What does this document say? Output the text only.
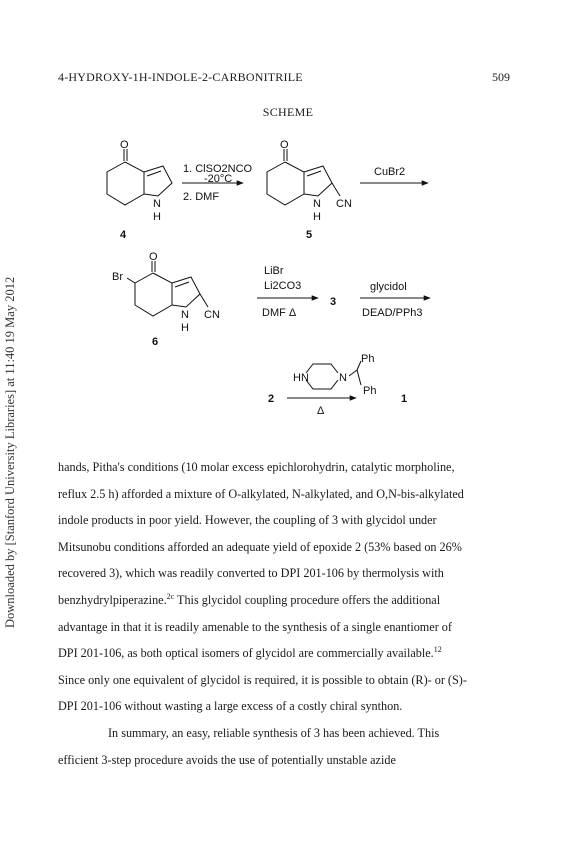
4-HYDROXY-1H-INDOLE-2-CARBONITRILE	509
SCHEME
Downloaded by [Stanford University Libraries] at 11:40 19 May 2012
O
N
H
4
1. ClSO2NCO
-20°C
2. DMF
O
N
H
CN
5
CuBr2
O
Br
N
H
CN
6
LiBr
Li2CO3
DMF Δ
3
glycidol
DEAD/PPh3
HN	N
Ph
Ph
2
Δ
1

hands, Pitha's conditions (10 molar excess epichlorohydrin, catalytic morpholine,
reflux 2.5 h) afforded a mixture of O-alkylated, N-alkylated, and O,N-bis-alkylated
indole products in poor yield. However, the coupling of 3 with glycidol under
Mitsunobu conditions afforded an adequate yield of epoxide 2 (53% based on 26%
recovered 3), which was readily converted to DPI 201-106 by thermolysis with
benzhydrylpiperazine.$^{2c}$ This glycidol coupling procedure offers the additional
advantage in that it is readily amenable to the synthesis of a single enantiomer of
DPI 201-106, as both optical isomers of glycidol are commercially available.$^{12}$
Since only one equivalent of glycidol is required, it is possible to obtain (R)- or (S)-
DPI 201-106 without wasting a large excess of a costly chiral synthon.

In summary, an easy, reliable synthesis of 3 has been achieved. This
efficient 3-step procedure avoids the use of potentially unstable azide
